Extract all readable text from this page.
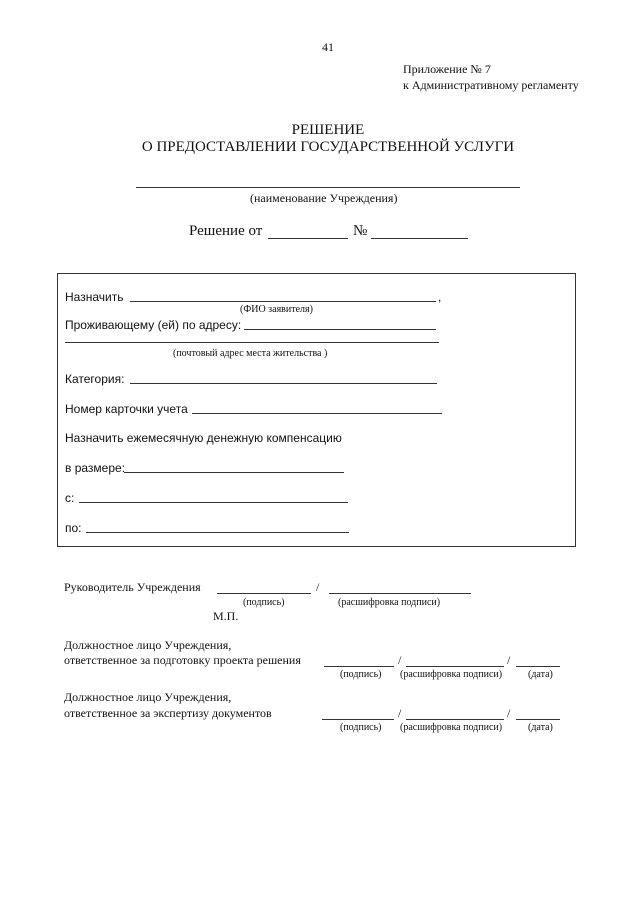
41
Приложение № 7
к Административному регламенту
РЕШЕНИЕ
О ПРЕДОСТАВЛЕНИИ ГОСУДАРСТВЕННОЙ УСЛУГИ
(наименование Учреждения)
Решение от	№
Назначить	,
(ФИО заявителя)
Проживающему (ей) по адресу:
(почтовый адрес места жительства )
Категория:
Номер карточки учета
Назначить ежемесячную денежную компенсацию
в размере:
с:
по:
Руководитель Учреждения	/
(подпись)	(расшифровка подписи)
М.П.
Должностное лицо Учреждения,
ответственное за подготовку проекта решения	/	/
(подпись) (расшифровка подписи)	(дата)
Должностное лицо Учреждения,
ответственное за экспертизу документов	/	/
(подпись) (расшифровка подписи)	(дата)
